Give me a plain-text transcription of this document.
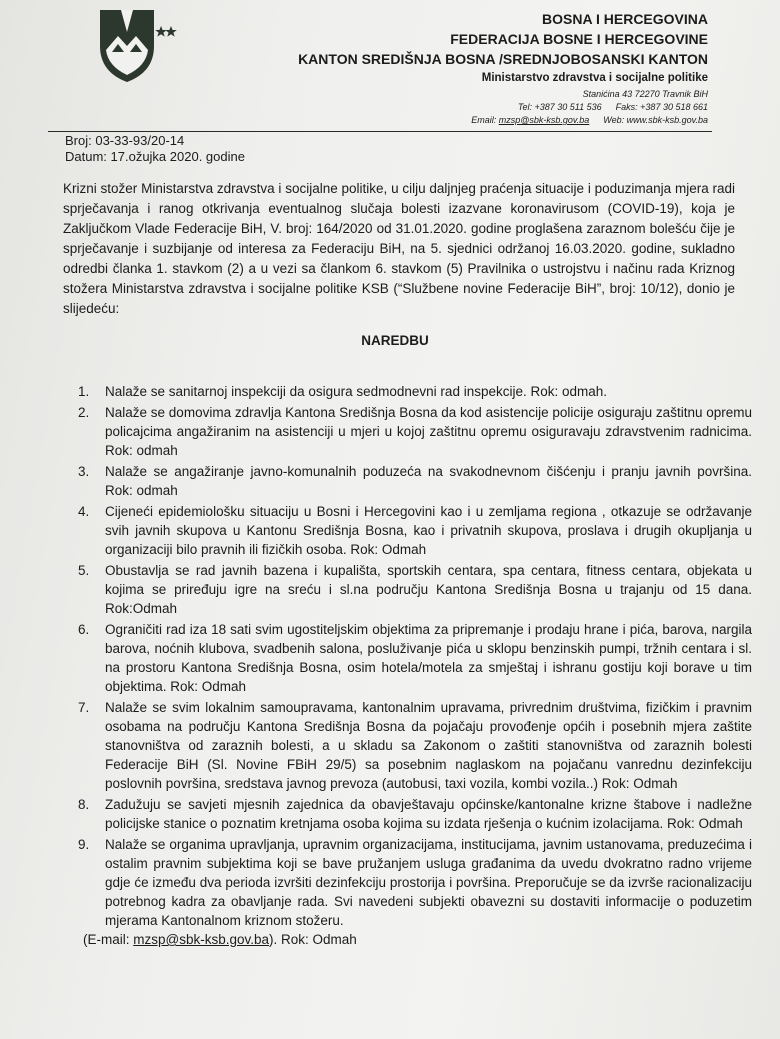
BOSNA I HERCEGOVINA
FEDERACIJA BOSNE I HERCEGOVINE
KANTON SREDIŠNJA BOSNA /SREDNJOBOSANSKI KANTON
Ministarstvo zdravstva i socijalne politike
Stanićina 43 72270 Travnik BiH
Tel: +387 30 511 536 Faks: +387 30 518 661
Email: mzsp@sbk-ksb.gov.ba Web: www.sbk-ksb.gov.ba
Broj: 03-33-93/20-14
Datum: 17.ožujka 2020. godine
Krizni stožer Ministarstva zdravstva i socijalne politike, u cilju daljnjeg praćenja situacije i poduzimanja mjera radi sprječavanja i ranog otkrivanja eventualnog slučaja bolesti izazvane koronavirusom (COVID-19), koja je Zaključkom Vlade Federacije BiH, V. broj: 164/2020 od 31.01.2020. godine proglašena zaraznom bolešću čije je sprječavanje i suzbijanje od interesa za Federaciju BiH, na 5. sjednici održanoj 16.03.2020. godine, sukladno odredbi članka 1. stavkom (2) a u vezi sa člankom 6. stavkom (5) Pravilnika o ustrojstvu i načinu rada Kriznog stožera Ministarstva zdravstva i socijalne politike KSB (“Službene novine Federacije BiH”, broj: 10/12), donio je slijedeću:
NAREDBU
1. Nalaže se sanitarnoj inspekciji da osigura sedmodnevni rad inspekcije. Rok: odmah.
2. Nalaže se domovima zdravlja Kantona Središnja Bosna da kod asistencije policije osiguraju zaštitnu opremu policajcima angažiranim na asistenciji u mjeri u kojoj zaštitnu opremu osiguravaju zdravstvenim radnicima. Rok: odmah
3. Nalaže se angažiranje javno-komunalnih poduzeća na svakodnevnom čišćenju i pranju javnih površina. Rok: odmah
4. Cijeneći epidemiološku situaciju u Bosni i Hercegovini kao i u zemljama regiona , otkazuje se održavanje svih javnih skupova u Kantonu Središnja Bosna, kao i privatnih skupova, proslava i drugih okupljanja u organizaciji bilo pravnih ili fizičkih osoba. Rok: Odmah
5. Obustavlja se rad javnih bazena i kupališta, sportskih centara, spa centara, fitness centara, objekata u kojima se priređuju igre na sreću i sl.na području Kantona Središnja Bosna u trajanju od 15 dana. Rok:Odmah
6. Ograničiti rad iza 18 sati svim ugostiteljskim objektima za pripremanje i prodaju hrane i pića, barova, nargila barova, noćnih klubova, svadbenih salona, posluživanje pića u sklopu benzinskih pumpi, tržnih centara i sl. na prostoru Kantona Središnja Bosna, osim hotela/motela za smještaj i ishranu gostiju koji borave u tim objektima. Rok: Odmah
7. Nalaže se svim lokalnim samoupravama, kantonalnim upravama, privrednim društvima, fizičkim i pravnim osobama na području Kantona Središnja Bosna da pojačaju provođenje općih i posebnih mjera zaštite stanovništva od zaraznih bolesti, a u skladu sa Zakonom o zaštiti stanovništva od zaraznih bolesti Federacije BiH (Sl. Novine FBiH 29/5) sa posebnim naglaskom na pojačanu vanrednu dezinfekciju poslovnih površina, sredstava javnog prevoza (autobusi, taxi vozila, kombi vozila..) Rok: Odmah
8. Zadužuju se savjeti mjesnih zajednica da obavještavaju općinske/kantonalne krizne štabove i nadležne policijske stanice o poznatim kretnjama osoba kojima su izdata rješenja o kućnim izolacijama. Rok: Odmah
9. Nalaže se organima upravljanja, upravnim organizacijama, institucijama, javnim ustanovama, preduzećima i ostalim pravnim subjektima koji se bave pružanjem usluga građanima da uvedu dvokratno radno vrijeme gdje će između dva perioda izvršiti dezinfekciju prostorija i površina. Preporučuje se da izvrše racionalizaciju potrebnog kadra za obavljanje rada. Svi navedeni subjekti obavezni su dostaviti informacije o poduzetim mjerama Kantonalnom kriznom stožeru.
(E-mail: mzsp@sbk-ksb.gov.ba). Rok: Odmah
